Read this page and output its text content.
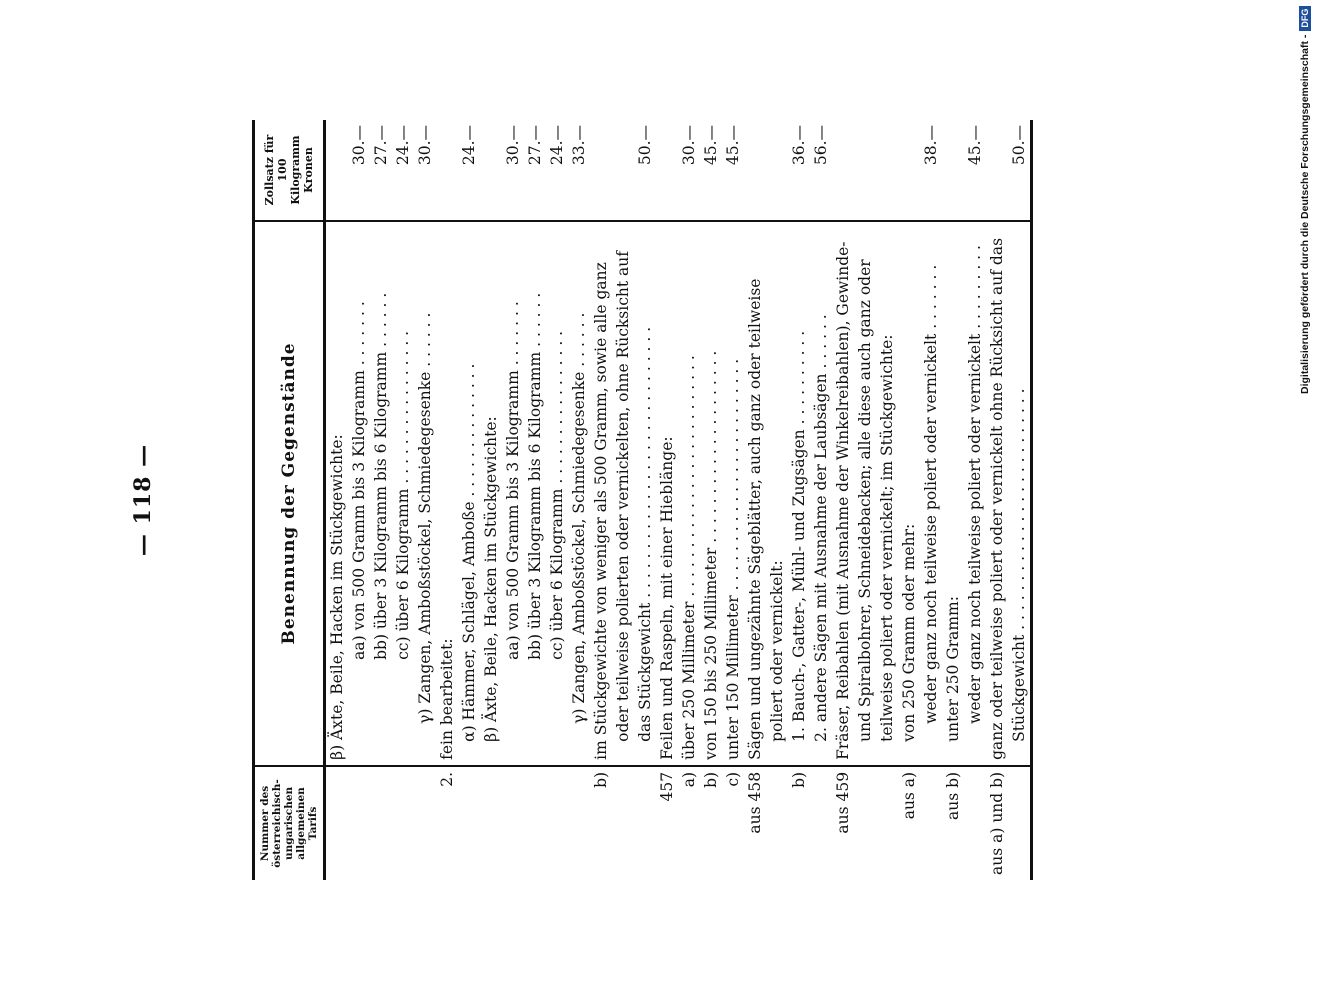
— 118 —
Nummer des österreichisch-ungarischen allgemeinen Tarifs	Benennung der Gegenstände	Zollsatz für 100 Kilogramm Kronen

	β) Äxte, Beile, Hacken im Stückgewichte:	

	aa) von 500 Gramm bis 3 Kilogramm . . . . . . .	30.—

	bb) über 3 Kilogramm bis 6 Kilogramm . . . . . .	27.—

	cc) über 6 Kilogramm . . . . . . . . . . . . . . . .	24.—

	γ) Zangen, Amboßstöckel, Schmiedegesenke . . . . . .	30.—
2.	fein bearbeitet:	

	α) Hämmer, Schlägel, Amboße . . . . . . . . . . . . . .	24.—

	β) Äxte, Beile, Hacken im Stückgewichte:	

	aa) von 500 Gramm bis 3 Kilogramm . . . . . . .	30.—

	bb) über 3 Kilogramm bis 6 Kilogramm . . . . . .	27.—

	cc) über 6 Kilogramm . . . . . . . . . . . . . . . .	24.—

	γ) Zangen, Amboßstöckel, Schmiedegesenke . . . . . .	33.—
b)	im Stückgewichte von weniger als 500 Gramm, sowie alle ganz oder teilweise polierten oder vernickelten, ohne Rücksicht auf das Stückgewicht . . . . . . . . . . . . . . . . . . . . . . . . . . . .	50.—
457	Feilen und Raspeln, mit einer Hieblänge:	

a)	über 250 Millimeter . . . . . . . . . . . . . . . . . . . . . . . . .	30.—
b)	von 150 bis 250 Millimeter . . . . . . . . . . . . . . . . . . . .	45.—
c)	unter 150 Millimeter . . . . . . . . . . . . . . . . . . . . . . . .	45.—
aus 458	Sägen und ungezähnte Sägeblätter, auch ganz oder teilweise poliert oder vernickelt:	

b)	1. Bauch-, Gatter-, Mühl- und Zugsägen . . . . . . . . . .	36.—

	2. andere Sägen mit Ausnahme der Laubsägen . . . . . .	56.—
aus 459	Fräser, Reibahlen (mit Ausnahme der Winkelreibahlen), Gewinde- und Spiralbohrer, Schneidebacken; alle diese auch ganz oder teilweise poliert oder vernickelt; im Stückgewichte:	

aus a)	von 250 Gramm oder mehr:	

	weder ganz noch teilweise poliert oder vernickelt . . . . . . .	38.—
aus b)	unter 250 Gramm:	

	weder ganz noch teilweise poliert oder vernickelt . . . . . . . . .	45.—
aus a) und b)	ganz oder teilweise poliert oder vernickelt ohne Rücksicht auf das Stückgewicht . . . . . . . . . . . . . . . . . . . . . . . . .	50.—	Digitalisierung gefördert durch die Deutsche Forschungsgemeinschaft -
DFG
